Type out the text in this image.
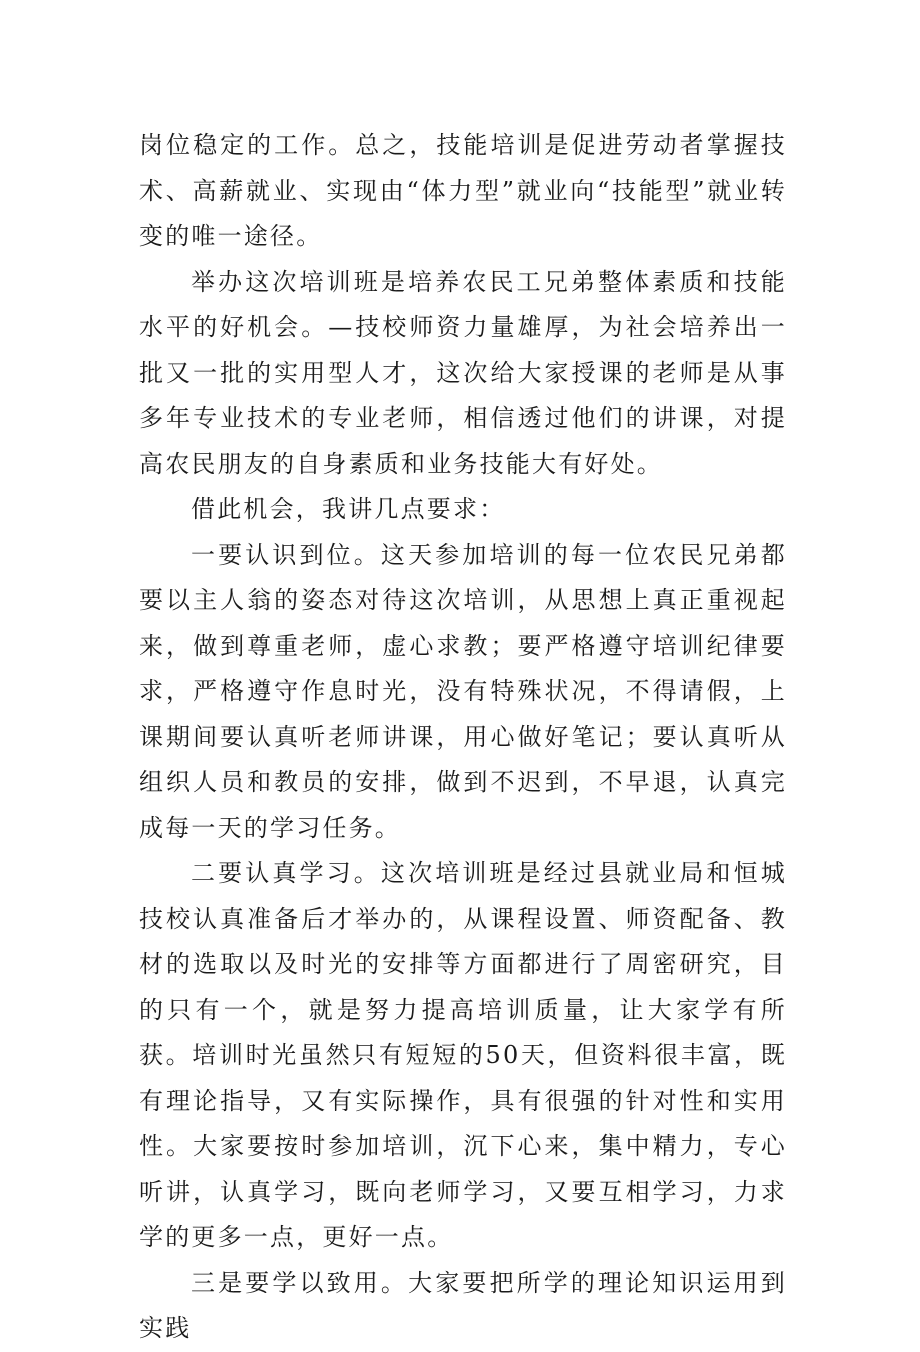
岗位稳定的工作。总之，技能培训是促进劳动者掌握技术、高薪就业、实现由“体力型”就业向“技能型”就业转变的唯一途径。

举办这次培训班是培养农民工兄弟整体素质和技能水平的好机会。—技校师资力量雄厚，为社会培养出一批又一批的实用型人才，这次给大家授课的老师是从事多年专业技术的专业老师，相信透过他们的讲课，对提高农民朋友的自身素质和业务技能大有好处。

借此机会，我讲几点要求：

一要认识到位。这天参加培训的每一位农民兄弟都要以主人翁的姿态对待这次培训，从思想上真正重视起来，做到尊重老师，虚心求教；要严格遵守培训纪律要求，严格遵守作息时光，没有特殊状况，不得请假，上课期间要认真听老师讲课，用心做好笔记；要认真听从组织人员和教员的安排，做到不迟到，不早退，认真完成每一天的学习任务。

二要认真学习。这次培训班是经过县就业局和恒城技校认真准备后才举办的，从课程设置、师资配备、教材的选取以及时光的安排等方面都进行了周密研究，目的只有一个，就是努力提高培训质量，让大家学有所获。培训时光虽然只有短短的50天，但资料很丰富，既有理论指导，又有实际操作，具有很强的针对性和实用性。大家要按时参加培训，沉下心来，集中精力，专心听讲，认真学习，既向老师学习，又要互相学习，力求学的更多一点，更好一点。

三是要学以致用。大家要把所学的理论知识运用到实践
